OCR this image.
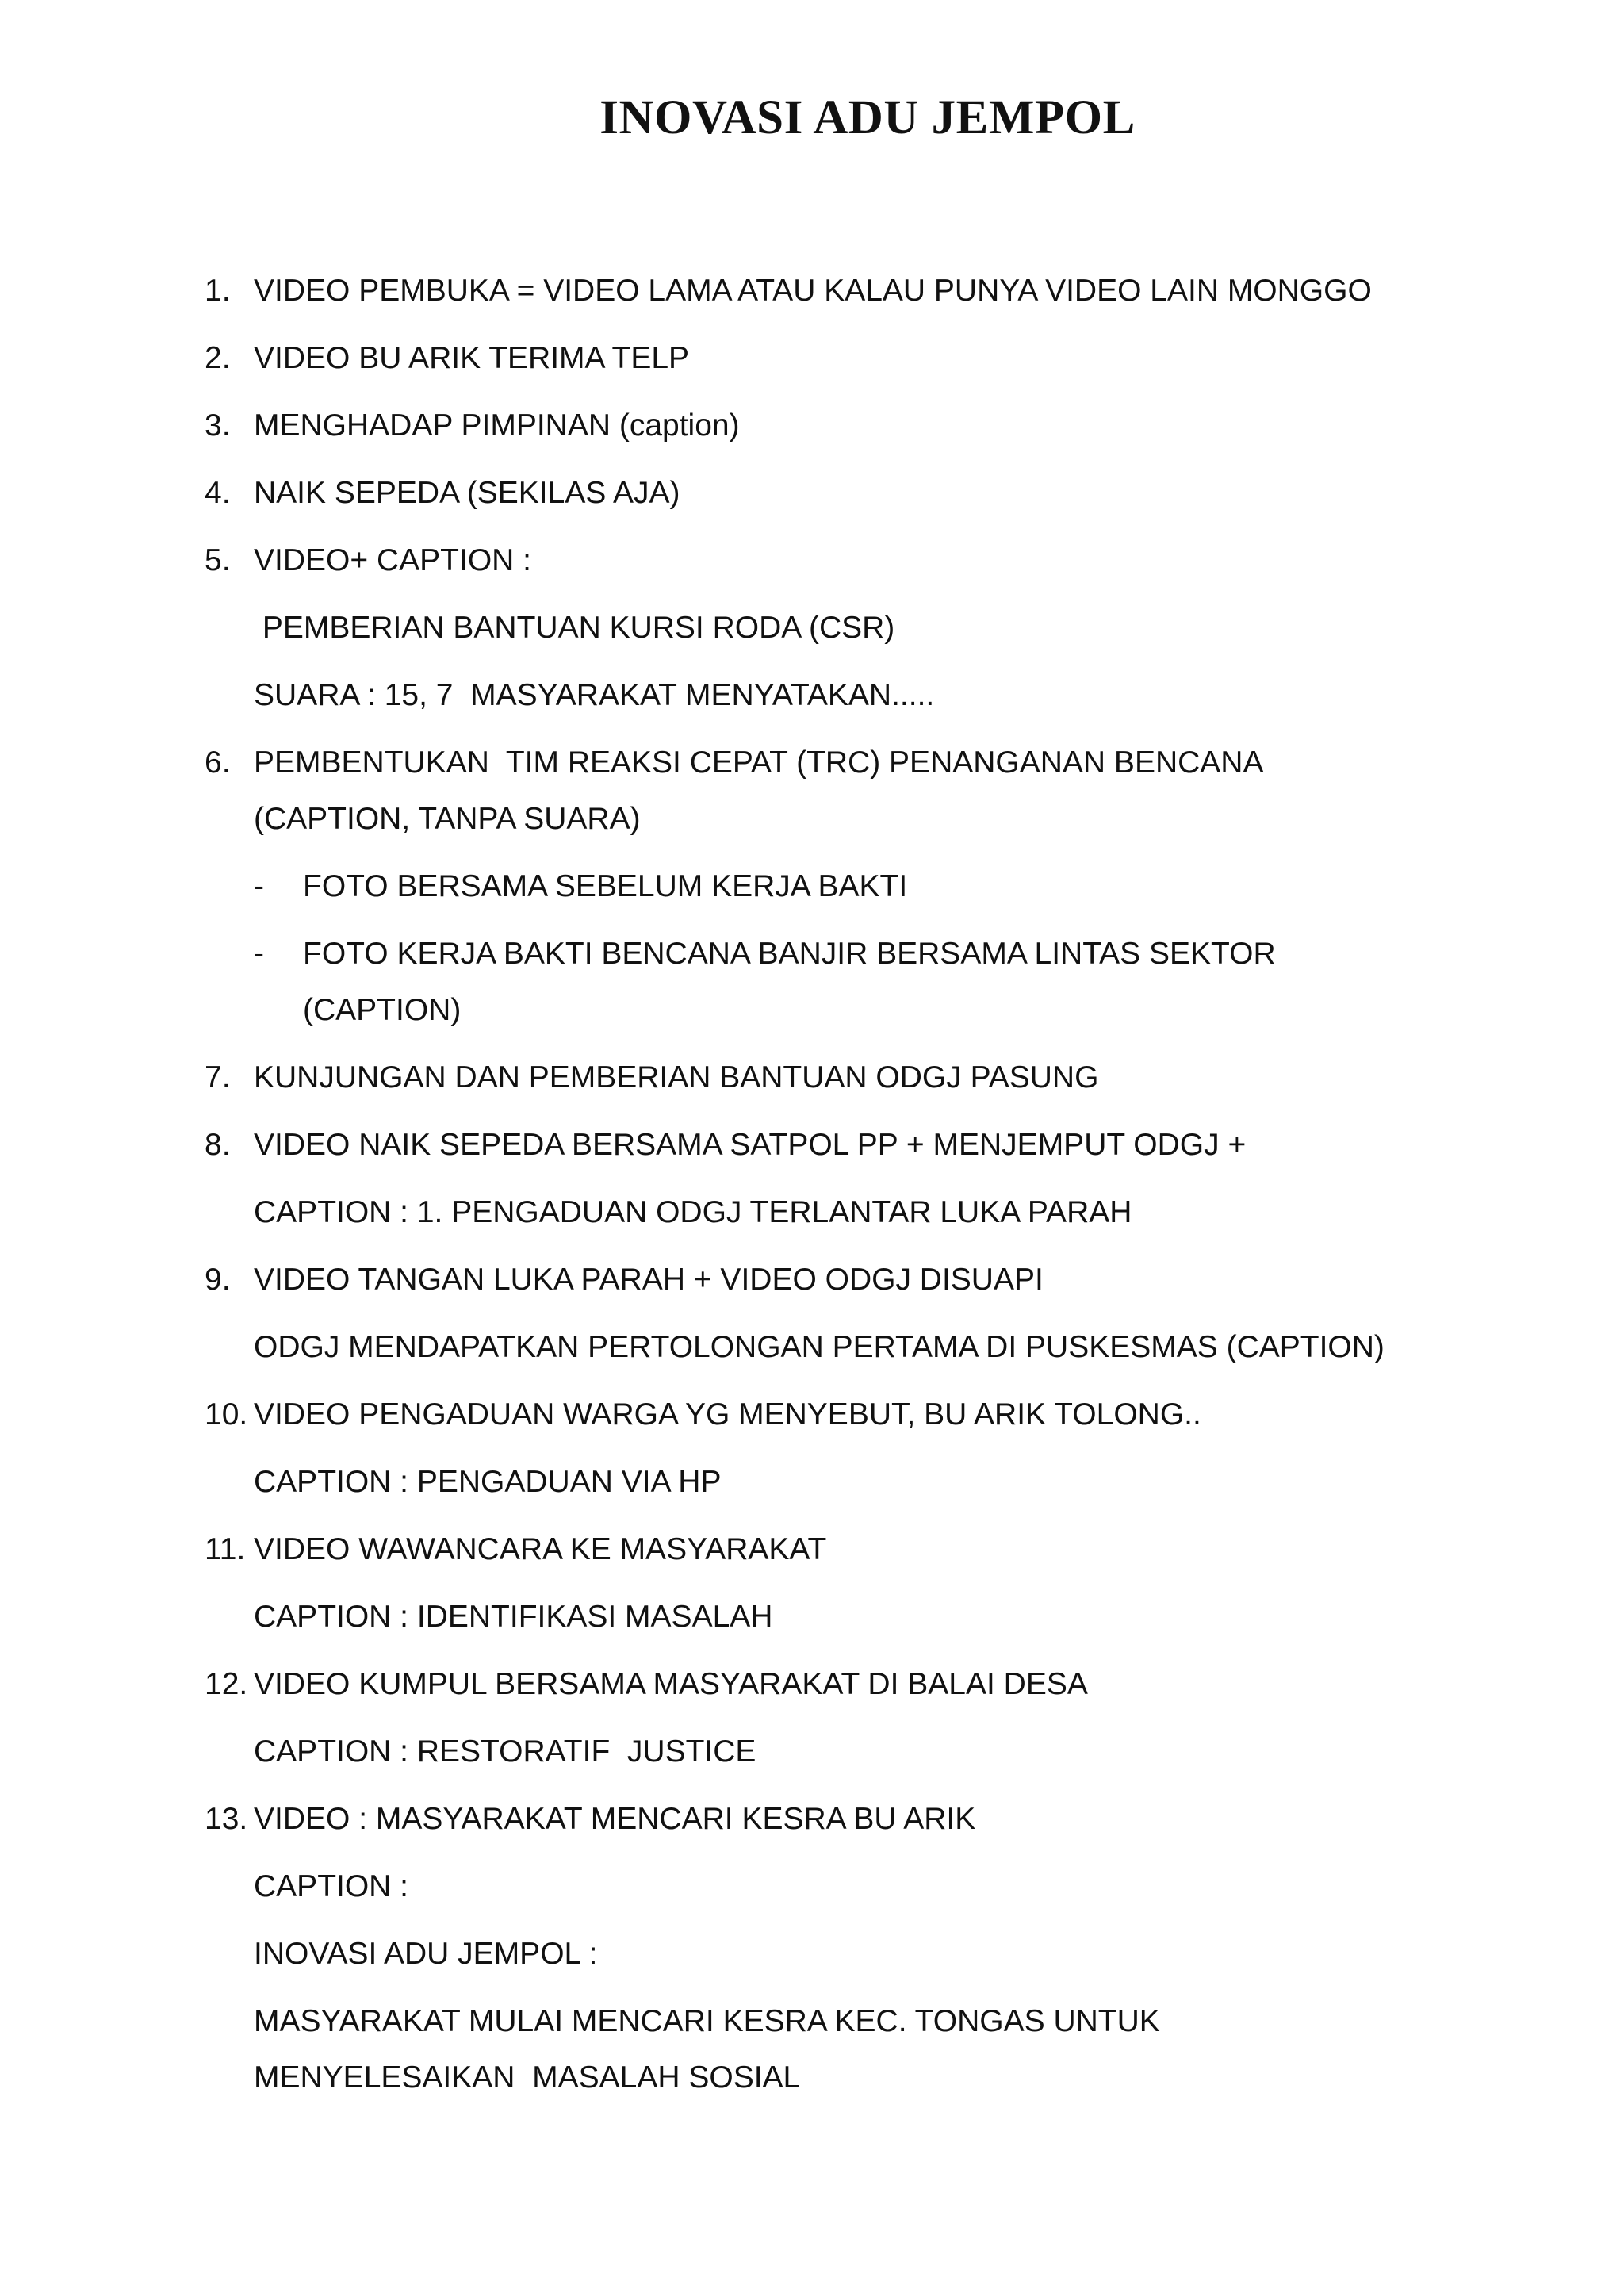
INOVASI ADU JEMPOL
1. VIDEO PEMBUKA = VIDEO LAMA ATAU KALAU PUNYA VIDEO LAIN MONGGO
2. VIDEO BU ARIK TERIMA TELP
3. MENGHADAP PIMPINAN (caption)
4. NAIK SEPEDA (SEKILAS AJA)
5. VIDEO+ CAPTION :
PEMBERIAN BANTUAN KURSI RODA (CSR)
SUARA : 15, 7  MASYARAKAT MENYATAKAN.....
6. PEMBENTUKAN  TIM REAKSI CEPAT (TRC) PENANGANAN BENCANA
(CAPTION, TANPA SUARA)
- FOTO BERSAMA SEBELUM KERJA BAKTI
- FOTO KERJA BAKTI BENCANA BANJIR BERSAMA LINTAS SEKTOR
(CAPTION)
7. KUNJUNGAN DAN PEMBERIAN BANTUAN ODGJ PASUNG
8. VIDEO NAIK SEPEDA BERSAMA SATPOL PP + MENJEMPUT ODGJ +
CAPTION : 1. PENGADUAN ODGJ TERLANTAR LUKA PARAH
9. VIDEO TANGAN LUKA PARAH + VIDEO ODGJ DISUAPI
ODGJ MENDAPATKAN PERTOLONGAN PERTAMA DI PUSKESMAS (CAPTION)
10. VIDEO PENGADUAN WARGA YG MENYEBUT, BU ARIK TOLONG..
CAPTION : PENGADUAN VIA HP
11. VIDEO WAWANCARA KE MASYARAKAT
CAPTION : IDENTIFIKASI MASALAH
12. VIDEO KUMPUL BERSAMA MASYARAKAT DI BALAI DESA
CAPTION : RESTORATIF  JUSTICE
13. VIDEO : MASYARAKAT MENCARI KESRA BU ARIK
CAPTION :
INOVASI ADU JEMPOL :
MASYARAKAT MULAI MENCARI KESRA KEC. TONGAS UNTUK
MENYELESAIKAN  MASALAH SOSIAL
